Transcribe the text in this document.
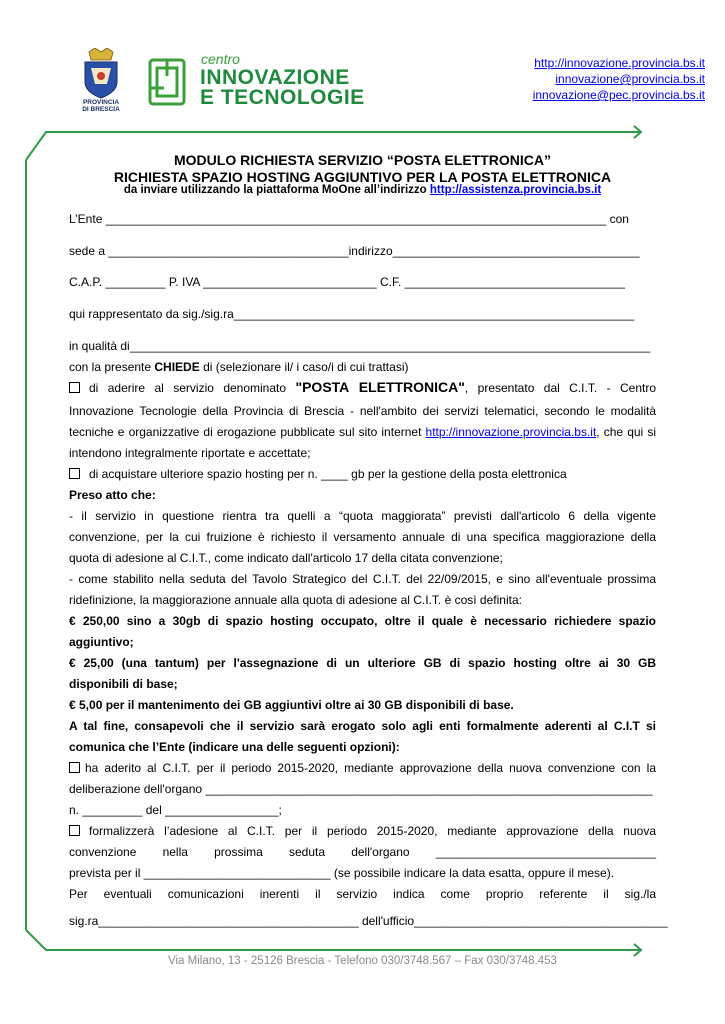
PROVINCIA
DI BRESCIA
centro
INNOVAZIONE
E TECNOLOGIE
http://innovazione.provincia.bs.it
innovazione@provincia.bs.it
innovazione@pec.provincia.bs.it
MODULO RICHIESTA SERVIZIO “POSTA ELETTRONICA”
RICHIESTA SPAZIO HOSTING AGGIUNTIVO PER LA POSTA ELETTRONICA
da inviare utilizzando la piattaforma MoOne all’indirizzo http://assistenza.provincia.bs.it
L’Ente ___________________________________________________________________________ con
sede a ____________________________________indirizzo_____________________________________
C.A.P. _________ P. IVA __________________________ C.F. _________________________________
qui rappresentato da sig./sig.ra____________________________________________________________
in qualità di______________________________________________________________________________
con la presente CHIEDE di (selezionare il/ i caso/i di cui trattasi)
di aderire al servizio denominato "POSTA ELETTRONICA", presentato dal C.I.T. - Centro
Innovazione Tecnologie della Provincia di Brescia - nell'ambito dei servizi telematici, secondo le modalità
tecniche e organizzative di erogazione pubblicate sul sito internet http://innovazione.provincia.bs.it, che qui si
intendono integralmente riportate e accettate;
di acquistare ulteriore spazio hosting per n. ____ gb per la gestione della posta elettronica
Preso atto che:
- il servizio in questione rientra tra quelli a “quota maggiorata” previsti dall'articolo 6 della vigente
convenzione, per la cui fruizione è richiesto il versamento annuale di una specifica maggiorazione della
quota di adesione al C.I.T., come indicato dall'articolo 17 della citata convenzione;
- come stabilito nella seduta del Tavolo Strategico del C.I.T. del 22/09/2015, e sino all'eventuale prossima
ridefinizione, la maggiorazione annuale alla quota di adesione al C.I.T. è così definita:
€ 250,00 sino a 30gb di spazio hosting occupato, oltre il quale è necessario richiedere spazio
aggiuntivo;
€ 25,00 (una tantum) per l'assegnazione di un ulteriore GB di spazio hosting oltre ai 30 GB
disponibili di base;
€ 5,00 per il mantenimento dei GB aggiuntivi oltre ai 30 GB disponibili di base.
A tal fine, consapevoli che il servizio sarà erogato solo agli enti formalmente aderenti al C.I.T si
comunica che l’Ente (indicare una delle seguenti opzioni):
ha aderito al C.I.T. per il periodo 2015-2020, mediante approvazione della nuova convenzione con la
deliberazione dell'organo ___________________________________________________________________
n. _________ del _________________;
formalizzerà l’adesione al C.I.T. per il periodo 2015-2020, mediante approvazione della nuova
convenzione nella prossima seduta dell'organo _________________________________
prevista per il ____________________________ (se possibile indicare la data esatta, oppure il mese).
Per eventuali comunicazioni inerenti il servizio indica come proprio referente il sig./la
sig.ra_______________________________________ dell'ufficio______________________________________
Via Milano, 13 - 25126 Brescia - Telefono 030/3748.567 – Fax 030/3748.453
